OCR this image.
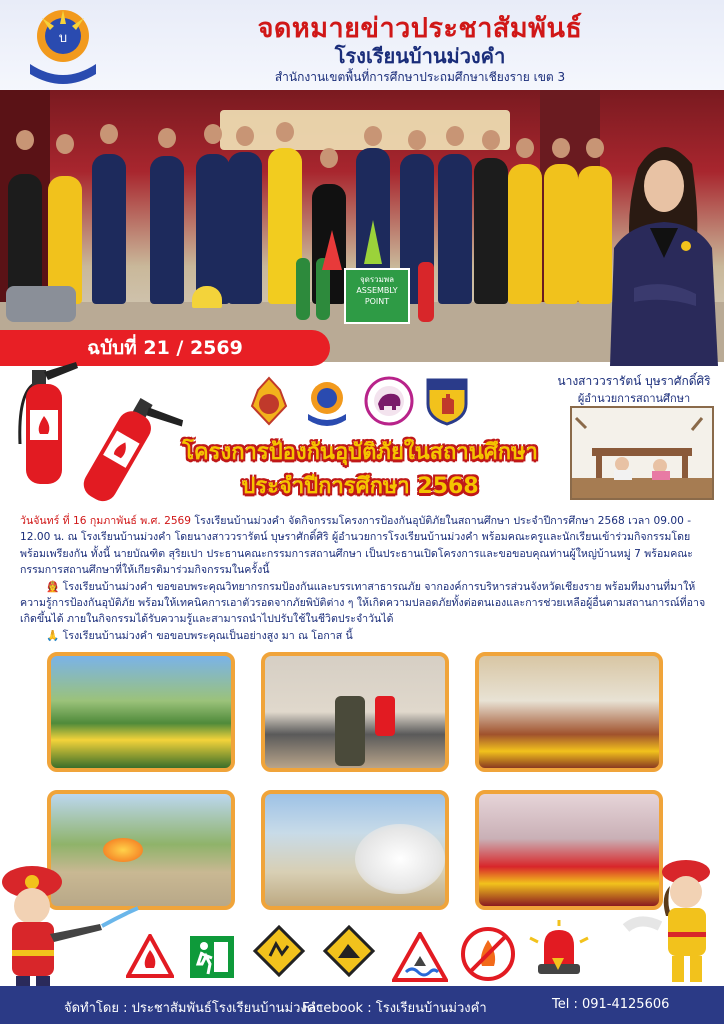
บ	จดหมายข่าวประชาสัมพันธ์
โรงเรียนบ้านม่วงคำ
สำนักงานเขตพื้นที่การศึกษาประถมศึกษาเชียงราย เขต 3
จุดรวมพล
ASSEMBLY POINT
ฉบับที่ 21 / 2569
โครงการป้องกันอุบัติภัยในสถานศึกษา
ประจำปีการศึกษา 2568
นางสาววรารัตน์ บุษราศักดิ์ศิริ
ผู้อำนวยการสถานศึกษา

วันจันทร์ ที่ 16 กุมภาพันธ์ พ.ศ. 2569 โรงเรียนบ้านม่วงคำ จัดกิจกรรมโครงการป้องกันอุบัติภัยในสถานศึกษา ประจำปีการศึกษา 2568 เวลา 09.00 - 12.00 น. ณ โรงเรียนบ้านม่วงคำ โดยนางสาววรารัตน์ บุษราศักดิ์ศิริ ผู้อำนวยการโรงเรียนบ้านม่วงคำ พร้อมคณะครูและนักเรียนเข้าร่วมกิจกรรมโดยพร้อมเพรียงกัน ทั้งนี้ นายบัณฑิต สุริยเปา ประธานคณะกรรมการสถานศึกษา เป็นประธานเปิดโครงการและขอขอบคุณท่านผู้ใหญ่บ้านหมู่ 7 พร้อมคณะกรรมการสถานศึกษาที่ให้เกียรติมาร่วมกิจกรรมในครั้งนี้

👩‍🚒 โรงเรียนบ้านม่วงคำ ขอขอบพระคุณวิทยากรกรมป้องกันและบรรเทาสาธารณภัย จากองค์การบริหารส่วนจังหวัดเชียงราย พร้อมทีมงานที่มาให้ความรู้การป้องกันอุบัติภัย พร้อมให้เทคนิคการเอาตัวรอดจากภัยพิบัติต่าง ๆ ให้เกิดความปลอดภัยทั้งต่อตนเองและการช่วยเหลือผู้อื่นตามสถานการณ์ที่อาจเกิดขึ้นได้ ภายในกิจกรรมได้รับความรู้และสามารถนำไปปรับใช้ในชีวิตประจำวันได้

🙏 โรงเรียนบ้านม่วงคำ ขอขอบพระคุณเป็นอย่างสูง มา ณ โอกาส นี้

จัดทำโดย : ประชาสัมพันธ์โรงเรียนบ้านม่วงคำ
Facebook : โรงเรียนบ้านม่วงคำ	Tel : 091-4125606
